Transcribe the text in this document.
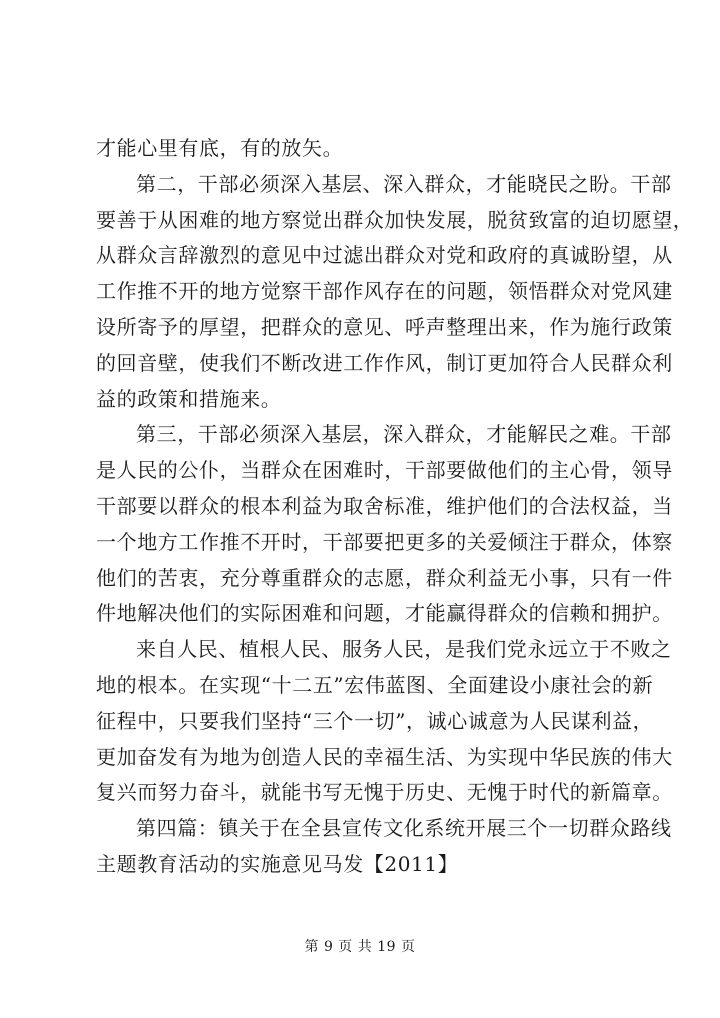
才能心里有底，有的放矢。
第二，干部必须深入基层、深入群众，才能晓民之盼。干部
要善于从困难的地方察觉出群众加快发展，脱贫致富的迫切愿望，
从群众言辞激烈的意见中过滤出群众对党和政府的真诚盼望，从
工作推不开的地方觉察干部作风存在的问题，领悟群众对党风建
设所寄予的厚望，把群众的意见、呼声整理出来，作为施行政策
的回音壁，使我们不断改进工作作风，制订更加符合人民群众利
益的政策和措施来。
第三，干部必须深入基层，深入群众，才能解民之难。干部
是人民的公仆，当群众在困难时，干部要做他们的主心骨，领导
干部要以群众的根本利益为取舍标准，维护他们的合法权益，当
一个地方工作推不开时，干部要把更多的关爱倾注于群众，体察
他们的苦衷，充分尊重群众的志愿，群众利益无小事，只有一件
件地解决他们的实际困难和问题，才能赢得群众的信赖和拥护。
来自人民、植根人民、服务人民，是我们党永远立于不败之
地的根本。在实现“十二五”宏伟蓝图、全面建设小康社会的新
征程中，只要我们坚持“三个一切”，诚心诚意为人民谋利益，
更加奋发有为地为创造人民的幸福生活、为实现中华民族的伟大
复兴而努力奋斗，就能书写无愧于历史、无愧于时代的新篇章。
第四篇：镇关于在全县宣传文化系统开展三个一切群众路线
主题教育活动的实施意见马发【2011】
第 9 页 共 19 页
